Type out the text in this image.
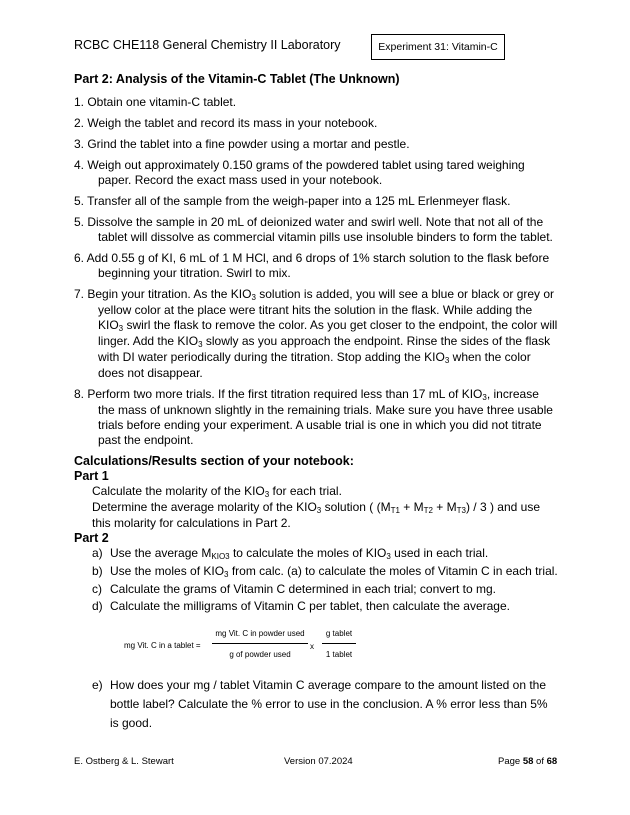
RCBC CHE118 General Chemistry II Laboratory	Experiment 31: Vitamin-C
Part 2: Analysis of the Vitamin-C Tablet (The Unknown)
1. Obtain one vitamin-C tablet.
2. Weigh the tablet and record its mass in your notebook.
3. Grind the tablet into a fine powder using a mortar and pestle.
4. Weigh out approximately 0.150 grams of the powdered tablet using tared weighing paper. Record the exact mass used in your notebook.
5. Transfer all of the sample from the weigh-paper into a 125 mL Erlenmeyer flask.
5. Dissolve the sample in 20 mL of deionized water and swirl well. Note that not all of the tablet will dissolve as commercial vitamin pills use insoluble binders to form the tablet.
6. Add 0.55 g of KI, 6 mL of 1 M HCl, and 6 drops of 1% starch solution to the flask before beginning your titration. Swirl to mix.
7. Begin your titration. As the KIO3 solution is added, you will see a blue or black or grey or yellow color at the place were titrant hits the solution in the flask. While adding the KIO3 swirl the flask to remove the color. As you get closer to the endpoint, the color will linger. Add the KIO3 slowly as you approach the endpoint. Rinse the sides of the flask with DI water periodically during the titration. Stop adding the KIO3 when the color does not disappear.
8. Perform two more trials. If the first titration required less than 17 mL of KIO3, increase the mass of unknown slightly in the remaining trials. Make sure you have three usable trials before ending your experiment. A usable trial is one in which you did not titrate past the endpoint.
Calculations/Results section of your notebook:
Part 1
Calculate the molarity of the KIO3 for each trial.
Determine the average molarity of the KIO3 solution ( (MT1 + MT2 + MT3) / 3 ) and use this molarity for calculations in Part 2.
Part 2
a) Use the average MKIO3 to calculate the moles of KIO3 used in each trial.
b) Use the moles of KIO3 from calc. (a) to calculate the moles of Vitamin C in each trial.
c) Calculate the grams of Vitamin C determined in each trial; convert to mg.
d) Calculate the milligrams of Vitamin C per tablet, then calculate the average.
mg Vit. C in a tablet =
mg Vit. C in powder used
g of powder used
x
g tablet
1 tablet
e) How does your mg / tablet Vitamin C average compare to the amount listed on the bottle label? Calculate the % error to use in the conclusion. A % error less than 5% is good.
E. Ostberg & L. Stewart	Version 07.2024	Page 58 of 68
